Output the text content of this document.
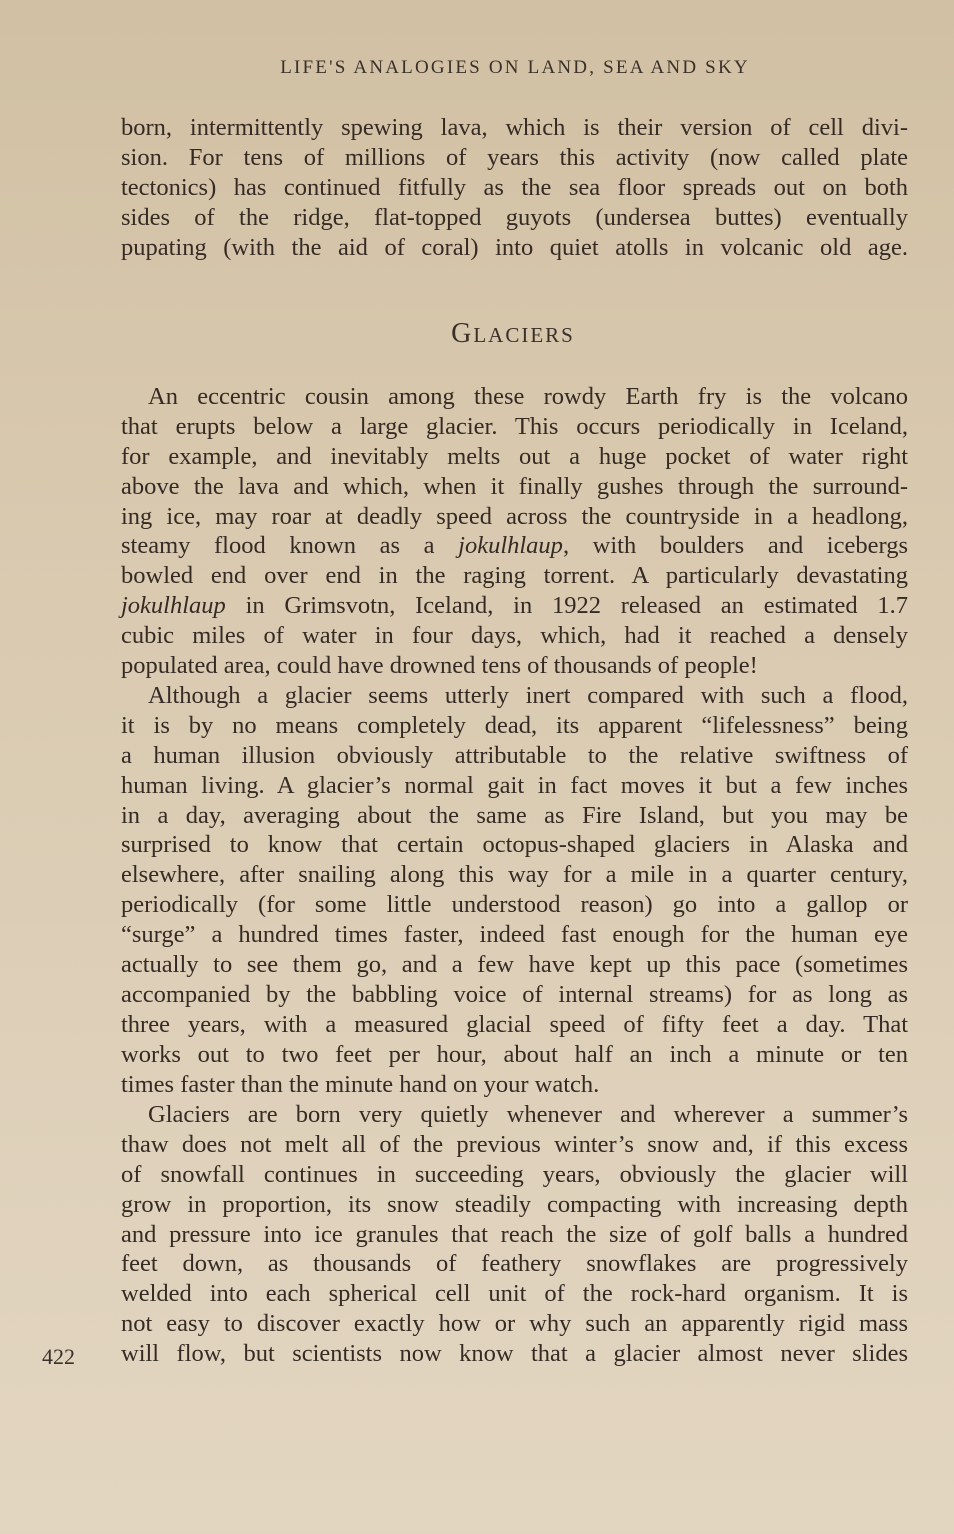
LIFE'S ANALOGIES ON LAND, SEA AND SKY
born, intermittently spewing lava, which is their version of cell divi-
sion. For tens of millions of years this activity (now called plate
tectonics) has continued fitfully as the sea floor spreads out on both
sides of the ridge, flat-topped guyots (undersea buttes) eventually
pupating (with the aid of coral) into quiet atolls in volcanic old age.
GLACIERS
An eccentric cousin among these rowdy Earth fry is the volcano
that erupts below a large glacier. This occurs periodically in Iceland,
for example, and inevitably melts out a huge pocket of water right
above the lava and which, when it finally gushes through the surround-
ing ice, may roar at deadly speed across the countryside in a headlong,
steamy flood known as a jokulhlaup, with boulders and icebergs
bowled end over end in the raging torrent. A particularly devastating
jokulhlaup in Grimsvotn, Iceland, in 1922 released an estimated 1.7
cubic miles of water in four days, which, had it reached a densely
populated area, could have drowned tens of thousands of people!
Although a glacier seems utterly inert compared with such a flood,
it is by no means completely dead, its apparent “lifelessness” being
a human illusion obviously attributable to the relative swiftness of
human living. A glacier’s normal gait in fact moves it but a few inches
in a day, averaging about the same as Fire Island, but you may be
surprised to know that certain octopus-shaped glaciers in Alaska and
elsewhere, after snailing along this way for a mile in a quarter century,
periodically (for some little understood reason) go into a gallop or
“surge” a hundred times faster, indeed fast enough for the human eye
actually to see them go, and a few have kept up this pace (sometimes
accompanied by the babbling voice of internal streams) for as long as
three years, with a measured glacial speed of fifty feet a day. That
works out to two feet per hour, about half an inch a minute or ten
times faster than the minute hand on your watch.
Glaciers are born very quietly whenever and wherever a summer’s
thaw does not melt all of the previous winter’s snow and, if this excess
of snowfall continues in succeeding years, obviously the glacier will
grow in proportion, its snow steadily compacting with increasing depth
and pressure into ice granules that reach the size of golf balls a hundred
feet down, as thousands of feathery snowflakes are progressively
welded into each spherical cell unit of the rock-hard organism. It is
not easy to discover exactly how or why such an apparently rigid mass
will flow, but scientists now know that a glacier almost never slides
422
